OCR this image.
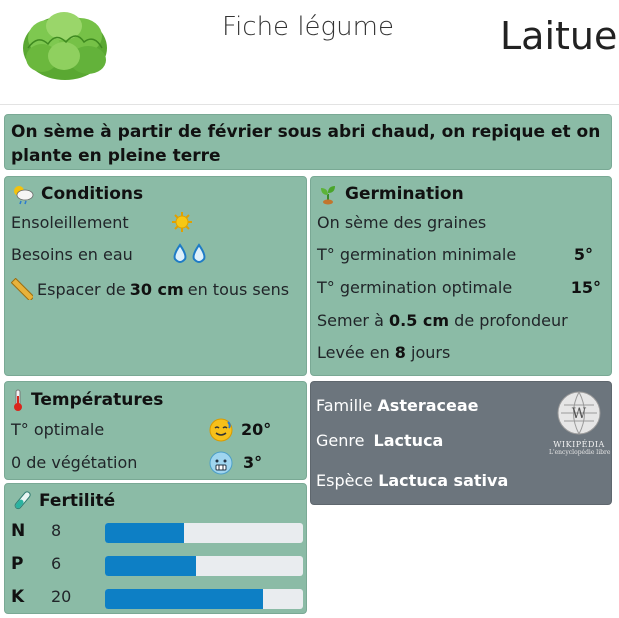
Fiche légume	Laitue
On sème à partir de février sous abri chaud, on repique et on plante en pleine terre
Conditions
Ensoleillement
Besoins en eau
Espacer de 30 cm en tous sens
Germination
On sème des graines
T° germination minimale	5°
T° germination optimale	15°
Semer à 0.5 cm de profondeur
Levée en 8 jours
Températures
T° optimale	20°
0 de végétation	3°
Famille Asteraceae
Genre Lactuca
Espèce Lactuca sativa
W
WIKIPÉDIA
L'encyclopédie libre
Fertilité
N 8
P 6
K 20
